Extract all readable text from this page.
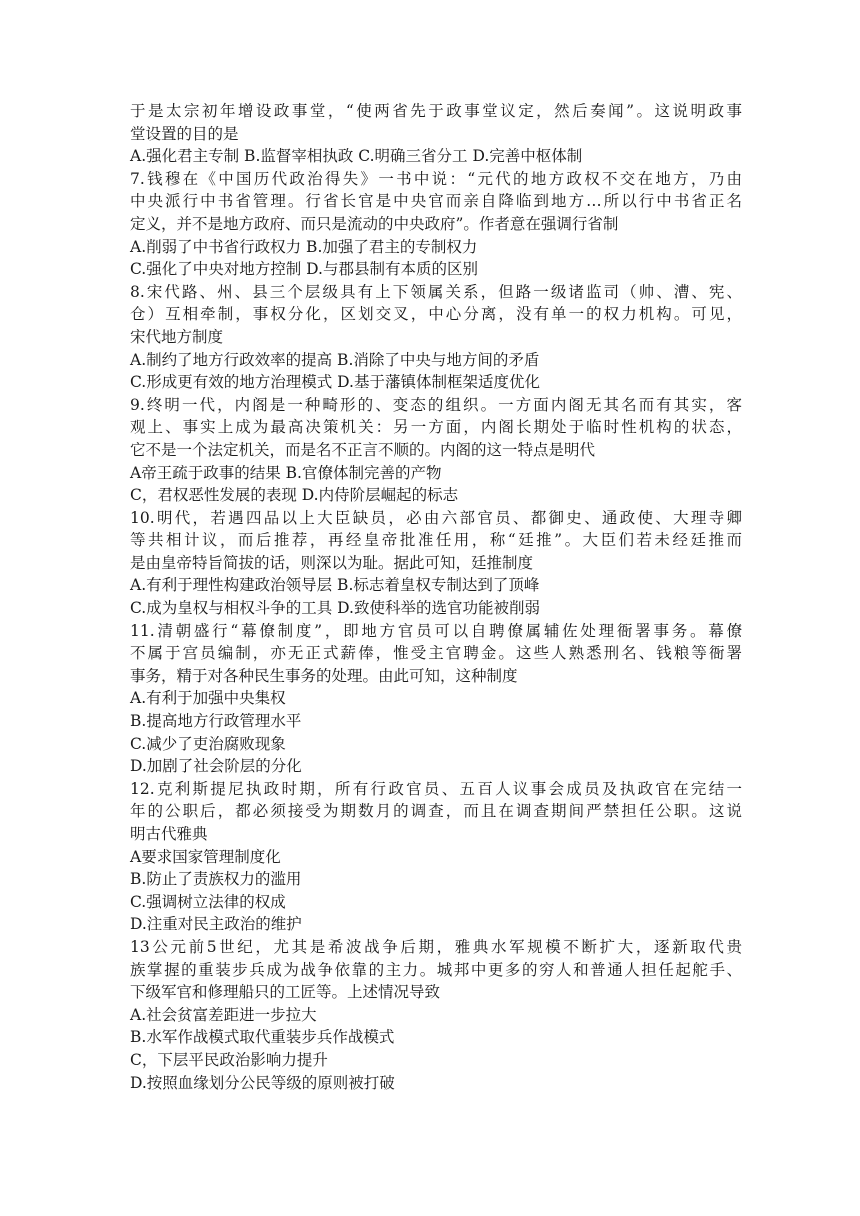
于是太宗初年增设政事堂，“使两省先于政事堂议定，然后奏闻”。这说明政事
堂设置的目的是
A.强化君主专制 B.监督宰相执政 C.明确三省分工 D.完善中枢体制
7.钱穆在《中国历代政治得失》一书中说：“元代的地方政权不交在地方，乃由
中央派行中书省管理。行省长官是中央官而亲自降临到地方…所以行中书省正名
定义，并不是地方政府、而只是流动的中央政府”。作者意在强调行省制
A.削弱了中书省行政权力 B.加强了君主的专制权力
C.强化了中央对地方控制 D.与郡县制有本质的区别
8.宋代路、州、县三个层级具有上下领属关系，但路一级诸监司（帅、漕、宪、
仓）互相牵制，事权分化，区划交叉，中心分离，没有单一的权力机构。可见，
宋代地方制度
A.制约了地方行政效率的提高 B.消除了中央与地方间的矛盾
C.形成更有效的地方治理模式 D.基于藩镇体制框架适度优化
9.终明一代，内阁是一种畸形的、变态的组织。一方面内阁无其名而有其实，客
观上、事实上成为最高决策机关：另一方面，内阁长期处于临时性机构的状态，
它不是一个法定机关，而是名不正言不顺的。内阁的这一特点是明代
A帝王疏于政事的结果 B.官僚体制完善的产物
C，君权恶性发展的表现 D.内侍阶层崛起的标志
10.明代，若遇四品以上大臣缺员，必由六部官员、都御史、通政使、大理寺卿
等共相计议，而后推荐，再经皇帝批准任用，称“廷推”。大臣们若未经廷推而
是由皇帝特旨简拔的话，则深以为耻。据此可知，廷推制度
A.有利于理性构建政治领导层 B.标志着皇权专制达到了顶峰
C.成为皇权与相权斗争的工具 D.致使科举的选官功能被削弱
11.清朝盛行“幕僚制度”，即地方官员可以自聘僚属辅佐处理衙署事务。幕僚
不属于宫员编制，亦无正式薪俸，惟受主官聘金。这些人熟悉刑名、钱粮等衙署
事务，精于对各种民生事务的处理。由此可知，这种制度
A.有利于加强中央集权
B.提高地方行政管理水平
C.减少了吏治腐败现象
D.加剧了社会阶层的分化
12.克利斯提尼执政时期，所有行政官员、五百人议事会成员及执政官在完结一
年的公职后，都必须接受为期数月的调查，而且在调查期间严禁担任公职。这说
明古代雅典
A要求国家管理制度化
B.防止了责族权力的滥用
C.强调树立法律的权成
D.注重对民主政治的维护
13公元前5世纪，尤其是希波战争后期，雅典水军规模不断扩大，逐新取代贵
族掌握的重装步兵成为战争依靠的主力。城邦中更多的穷人和普通人担任起舵手、
下级军官和修理船只的工匠等。上述情况导致
A.社会贫富差距进一步拉大
B.水军作战模式取代重装步兵作战模式
C，下层平民政治影响力提升
D.按照血缘划分公民等级的原则被打破
